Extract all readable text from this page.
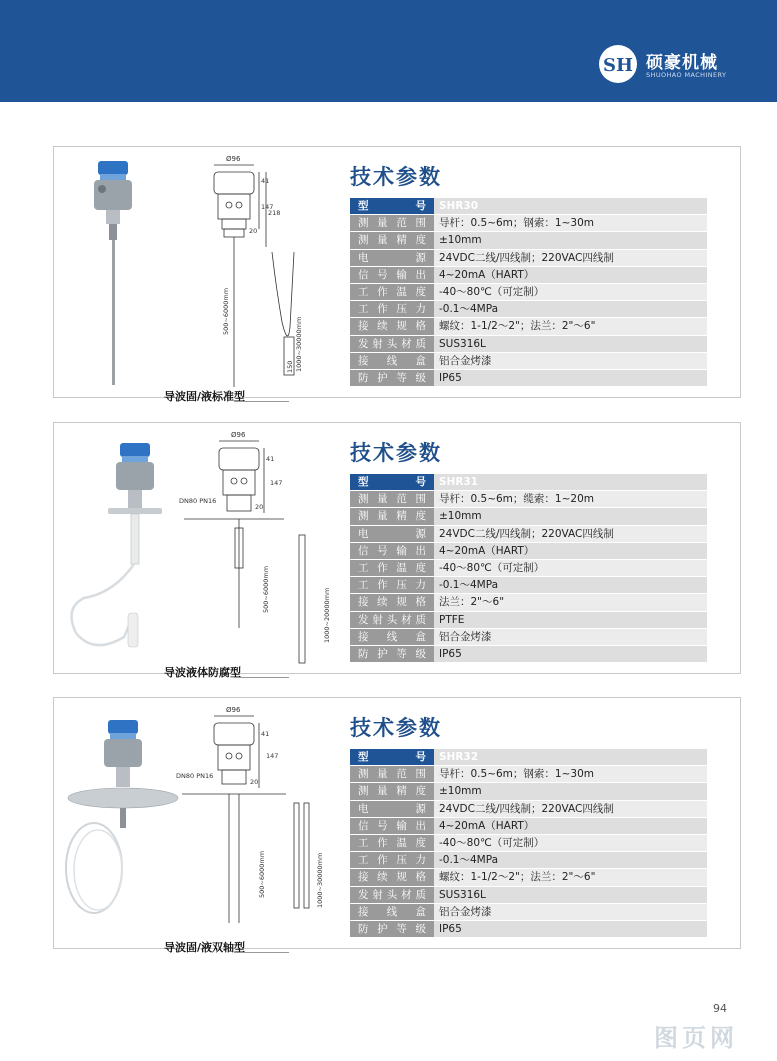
SH 硕豪机械
SHUOHAO MACHINERY
Ø96
41
147
218
20
500~6000mm
1000~30000mm
150
导波固/液标准型
技术参数
型号	SHR30
测量范围	导杆：0.5~6m；钢索：1~30m
测量精度	±10mm
电源	24VDC二线/四线制；220VAC四线制
信号输出	4~20mA（HART）
工作温度	-40～80℃（可定制）
工作压力	-0.1～4MPa
接续规格	螺纹：1-1/2～2"；法兰：2"～6"
发射头材质	SUS316L
接线盒	铝合金烤漆
防护等级	IP65
Ø96
41
147
20
DN80 PN16
500~6000mm	1000~20000mm
导波液体防腐型
技术参数
型号	SHR31
测量范围	导杆：0.5~6m；缆索：1~20m
测量精度	±10mm
电源	24VDC二线/四线制；220VAC四线制
信号输出	4~20mA（HART）
工作温度	-40～80℃（可定制）
工作压力	-0.1～4MPa
接续规格	法兰：2"～6"
发射头材质	PTFE
接线盒	铝合金烤漆
防护等级	IP65
Ø96
41
147
20
DN80 PN16
500~6000mm	1000~30000mm
导波固/液双轴型
技术参数
型号	SHR32
测量范围	导杆：0.5~6m；钢索：1~30m
测量精度	±10mm
电源	24VDC二线/四线制；220VAC四线制
信号输出	4~20mA（HART）
工作温度	-40～80℃（可定制）
工作压力	-0.1～4MPa
接续规格	螺纹：1-1/2～2"；法兰：2"～6"
发射头材质	SUS316L
接线盒	铝合金烤漆
防护等级	IP65
94
图页网
